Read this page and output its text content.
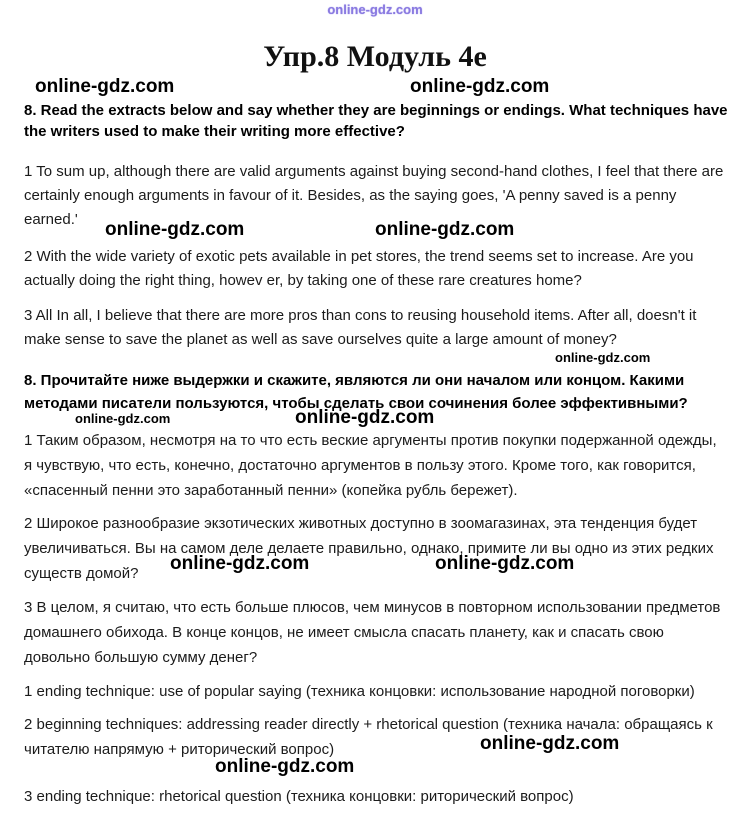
online-gdz.com
Упр.8 Модуль 4e
online-gdz.com	online-gdz.com
8. Read the extracts below and say whether they are beginnings or endings. What techniques have the writers used to make their writing more effective?
1 To sum up, although there are valid arguments against buying second-hand clothes, I feel that there are certainly enough arguments in favour of it. Besides, as the saying goes, 'A penny saved is a penny earned.'	online-gdz.com	online-gdz.com
2 With the wide variety of exotic pets available in pet stores, the trend seems set to increase. Are you actually doing the right thing, howev er, by taking one of these rare creatures home?
3 All In all, I believe that there are more pros than cons to reusing household items. After all, doesn't it make sense to save the planet as well as save ourselves quite a large amount of money?
online-gdz.com
8. Прочитайте ниже выдержки и скажите, являются ли они началом или концом. Какими методами писатели пользуются, чтобы сделать свои сочинения более эффективными?
online-gdz.com	online-gdz.com
1 Таким образом, несмотря на то что есть веские аргументы против покупки подержанной одежды, я чувствую, что есть, конечно, достаточно аргументов в пользу этого. Кроме того, как говорится, «спасенный пенни это заработанный пенни» (копейка рубль бережет).
2 Широкое разнообразие экзотических животных доступно в зоомагазинах, эта тенденция будет увеличиваться. Вы на самом деле делаете правильно, однако, примите ли вы одно из этих редких существ домой?	online-gdz.com	online-gdz.com
3 В целом, я считаю, что есть больше плюсов, чем минусов в повторном использовании предметов домашнего обихода. В конце концов, не имеет смысла спасать планету, как и спасать свою довольно большую сумму денег?
1 ending technique: use of popular saying (техника концовки: использование народной поговорки)
2 beginning techniques: addressing reader directly + rhetorical question (техника начала: обращаясь к читателю напрямую + риторический вопрос)	online-gdz.com
online-gdz.com
3 ending technique: rhetorical question (техника концовки: риторический вопрос)
